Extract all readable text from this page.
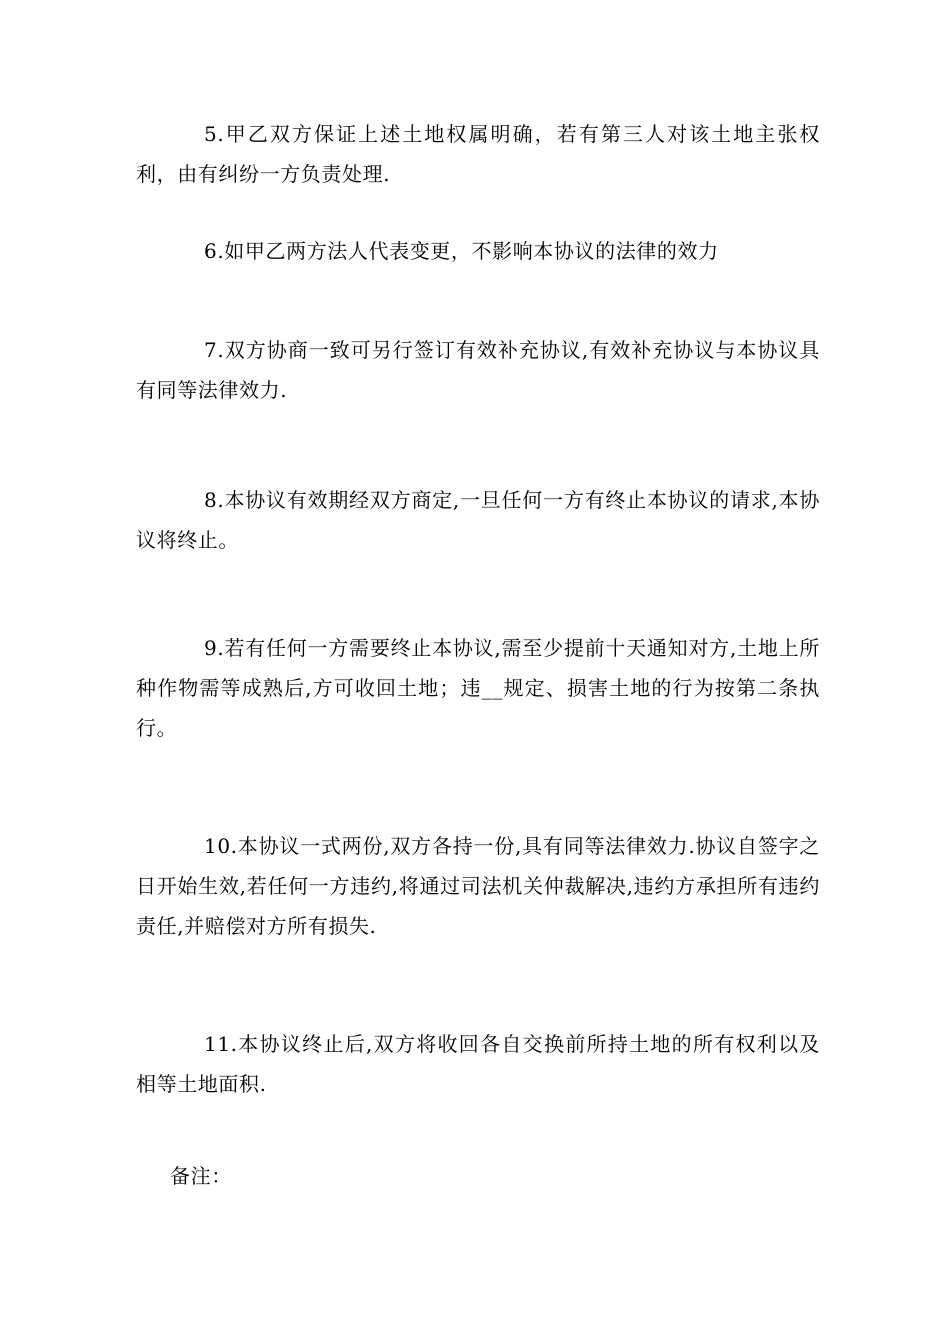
5.甲乙双方保证上述土地权属明确，若有第三人对该土地主张权利，由有纠纷一方负责处理.

6.如甲乙两方法人代表变更，不影响本协议的法律的效力

7.双方协商一致可另行签订有效补充协议,有效补充协议与本协议具有同等法律效力.

8.本协议有效期经双方商定,一旦任何一方有终止本协议的请求,本协议将终止。

9.若有任何一方需要终止本协议,需至少提前十天通知对方,土地上所种作物需等成熟后,方可收回土地；违__规定、损害土地的行为按第二条执行。

10.本协议一式两份,双方各持一份,具有同等法律效力.协议自签字之日开始生效,若任何一方违约,将通过司法机关仲裁解决,违约方承担所有违约责任,并赔偿对方所有损失.

11.本协议终止后,双方将收回各自交换前所持土地的所有权利以及相等土地面积.

备注：
